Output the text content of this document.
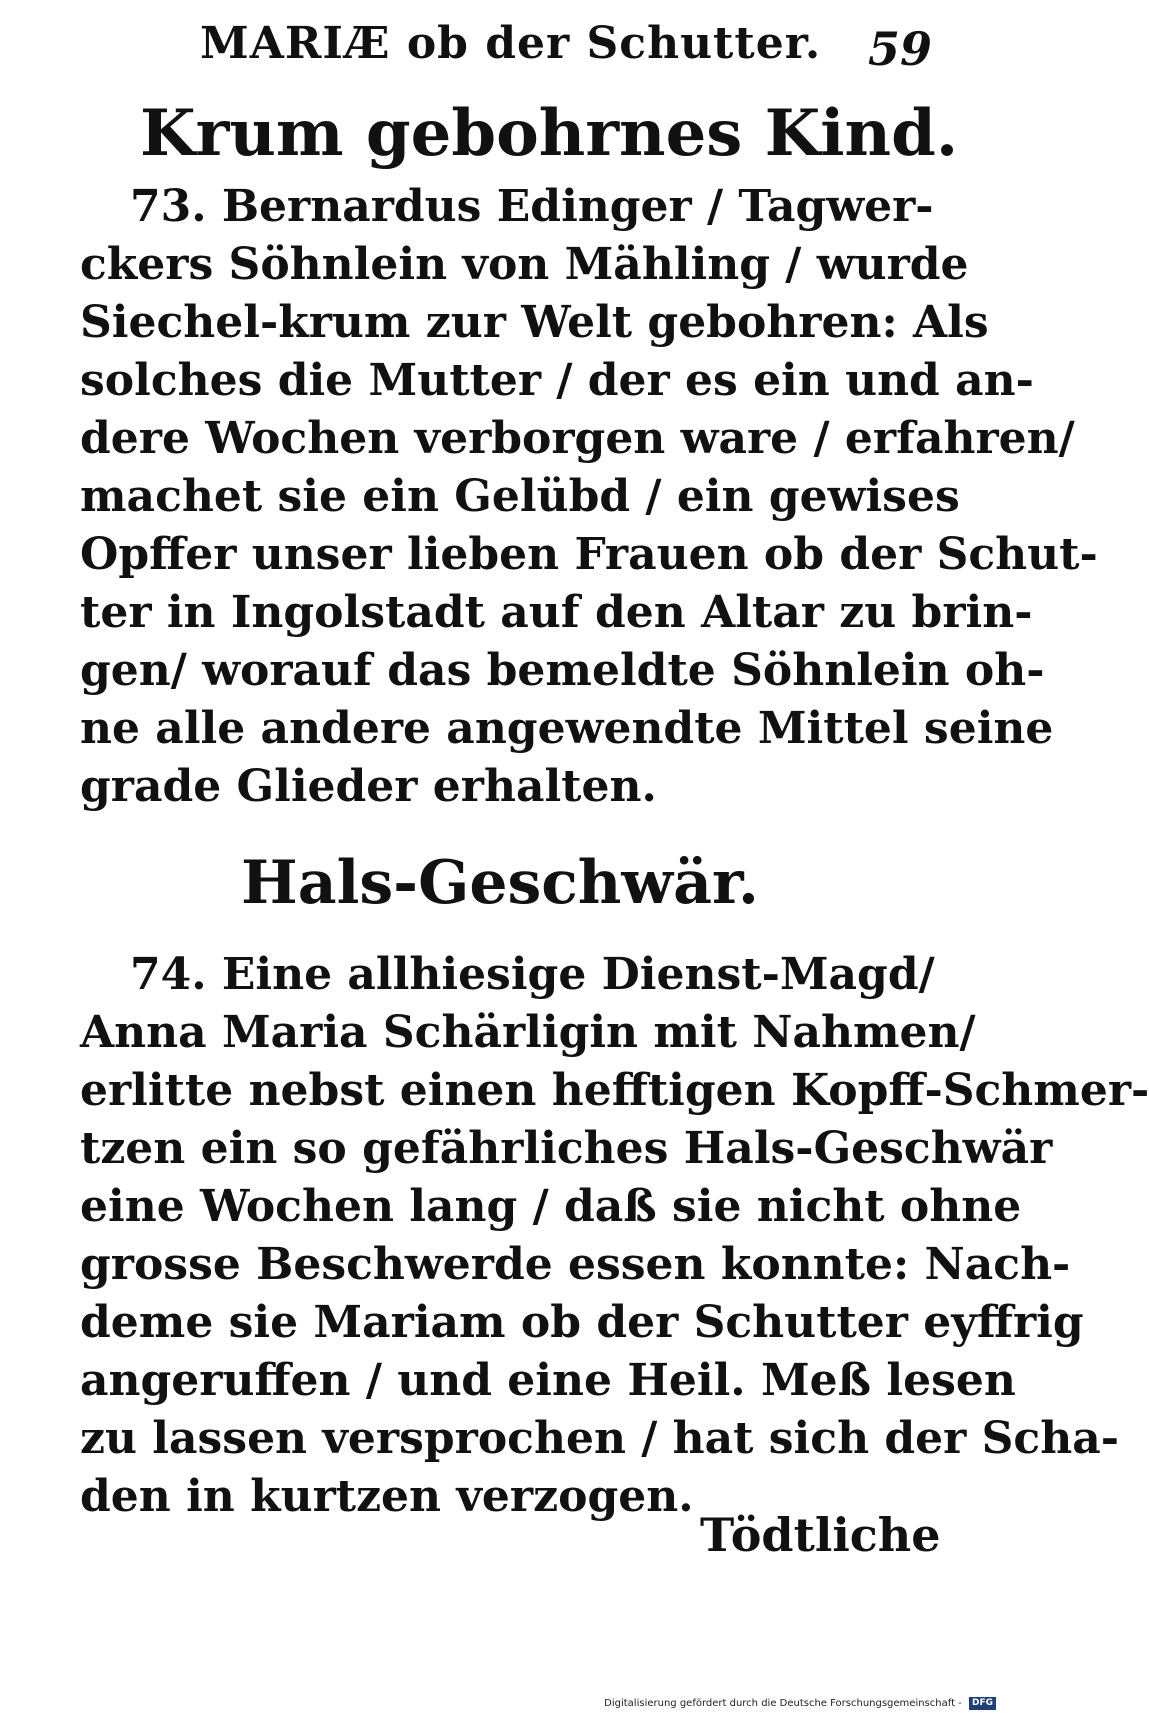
MARIÆ ob der Schutter. 59
Krum gebohrnes Kind.
73. Bernardus Edinger / Tagwer-
ckers Söhnlein von Mähling / wurde
Siechel-krum zur Welt gebohren: Als
solches die Mutter / der es ein und an-
dere Wochen verborgen ware / erfahren/
machet sie ein Gelübd / ein gewises
Opffer unser lieben Frauen ob der Schut-
ter in Ingolstadt auf den Altar zu brin-
gen/ worauf das bemeldte Söhnlein oh-
ne alle andere angewendte Mittel seine
grade Glieder erhalten.
Hals-Geschwär.
74. Eine allhiesige Dienst-Magd/
Anna Maria Schärligin mit Nahmen/
erlitte nebst einen hefftigen Kopff-Schmer-
tzen ein so gefährliches Hals-Geschwär
eine Wochen lang / daß sie nicht ohne
grosse Beschwerde essen konnte: Nach-
deme sie Mariam ob der Schutter eyffrig
angeruffen / und eine Heil. Meß lesen
zu lassen versprochen / hat sich der Scha-
den in kurtzen verzogen.
Tödtliche
Digitalisierung gefördert durch die Deutsche Forschungsgemeinschaft - DFG
